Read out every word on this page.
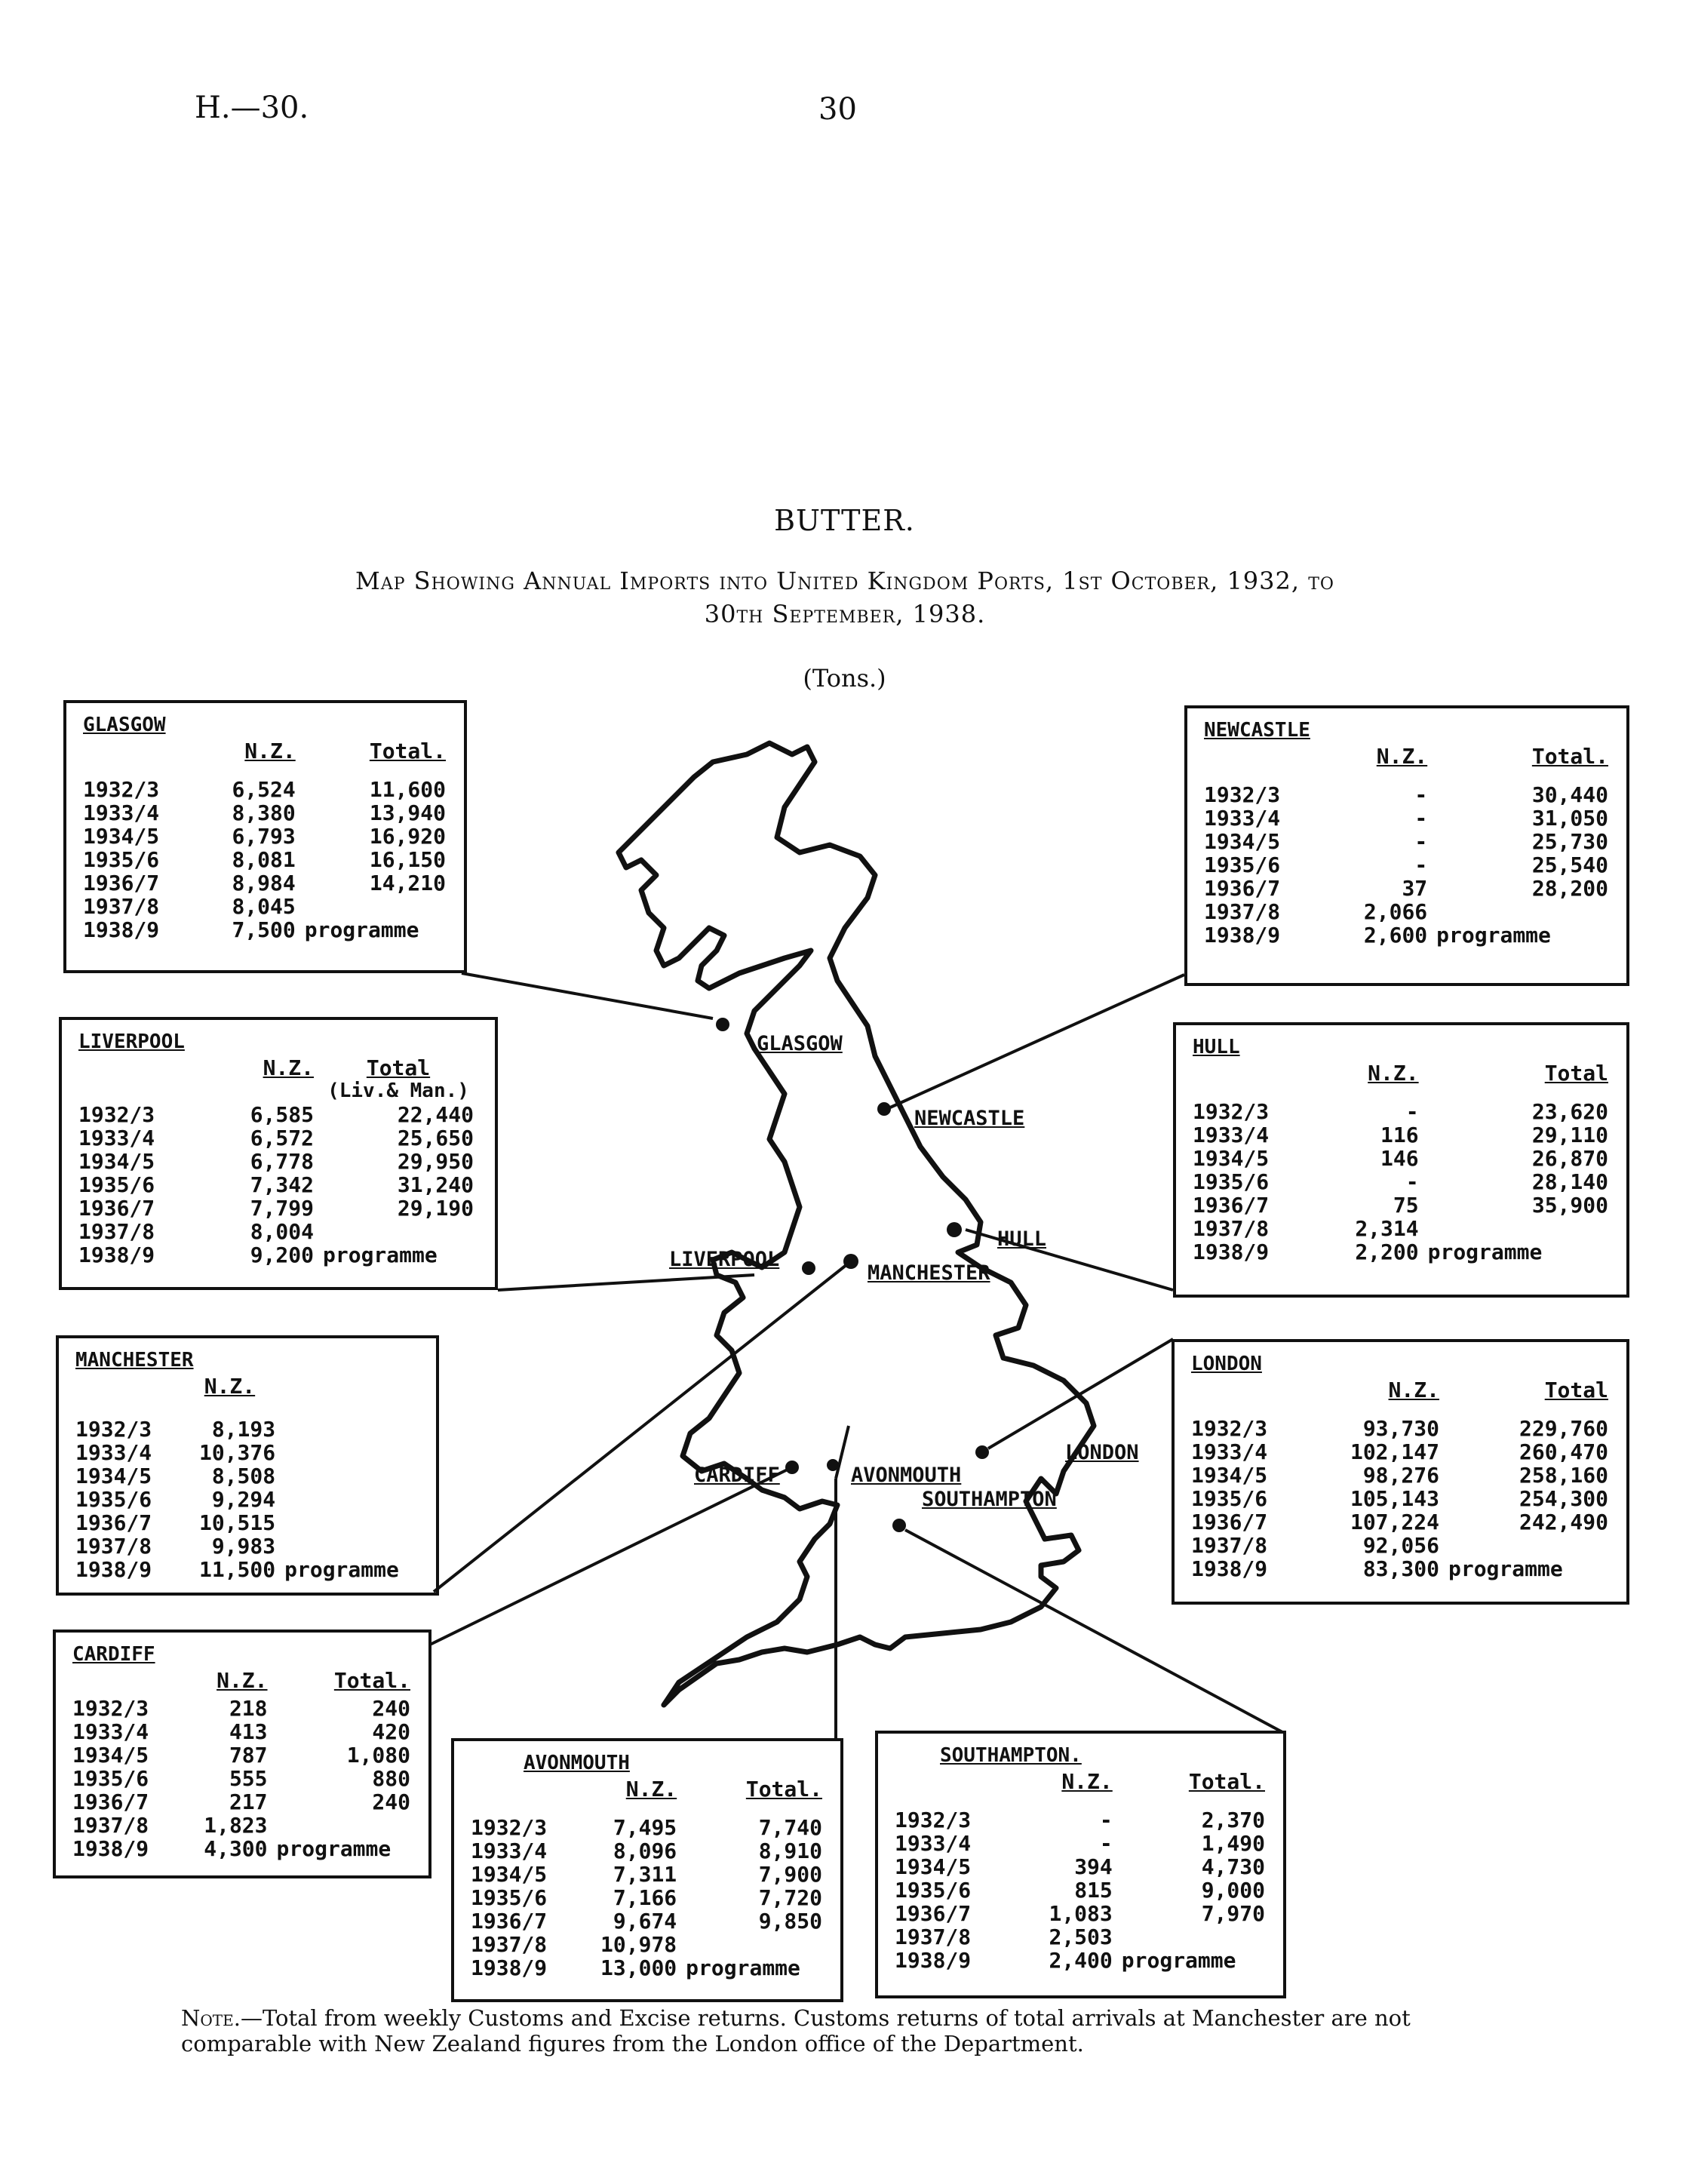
H.—30.	30
BUTTER.
Map Showing Annual Imports into United Kingdom Ports, 1st October, 1932, to
30th September, 1938.
(Tons.)
GLASGOW
NEWCASTLE
HULL
LIVERPOOL
MANCHESTER
CARDIFF	AVONMOUTH
SOUTHAMPTON
LONDON
GLASGOW
	N.Z.	Total.

1932/3	6,524	11,600
1933/4	8,380	13,940
1934/5	6,793	16,920
1935/6	8,081	16,150
1936/7	8,984	14,210
1937/8	8,045	
1938/9	7,500	programme
NEWCASTLE
	N.Z.	Total.

1932/3	-	30,440
1933/4	-	31,050
1934/5	-	25,730
1935/6	-	25,540
1936/7	37	28,200
1937/8	2,066	
1938/9	2,600	programme
LIVERPOOL
	N.Z.	Total
		(Liv.& Man.)
1932/3	6,585	22,440
1933/4	6,572	25,650
1934/5	6,778	29,950
1935/6	7,342	31,240
1936/7	7,799	29,190
1937/8	8,004	
1938/9	9,200	programme
HULL
	N.Z.	Total

1932/3	-	23,620
1933/4	116	29,110
1934/5	146	26,870
1935/6	-	28,140
1936/7	75	35,900
1937/8	2,314	
1938/9	2,200	programme
MANCHESTER
	N.Z.	

1932/3	8,193	
1933/4	10,376	
1934/5	8,508	
1935/6	9,294	
1936/7	10,515	
1937/8	9,983	
1938/9	11,500	programme
LONDON
	N.Z.	Total

1932/3	93,730	229,760
1933/4	102,147	260,470
1934/5	98,276	258,160
1935/6	105,143	254,300
1936/7	107,224	242,490
1937/8	92,056	
1938/9	83,300	programme
CARDIFF
	N.Z.	Total.
1932/3	218	240
1933/4	413	420
1934/5	787	1,080
1935/6	555	880
1936/7	217	240
1937/8	1,823	
1938/9	4,300	programme
AVONMOUTH
	N.Z.	Total.

1932/3	7,495	7,740
1933/4	8,096	8,910
1934/5	7,311	7,900
1935/6	7,166	7,720
1936/7	9,674	9,850
1937/8	10,978	
1938/9	13,000	programme
SOUTHAMPTON.
	N.Z.	Total.

1932/3	-	2,370
1933/4	-	1,490
1934/5	394	4,730
1935/6	815	9,000
1936/7	1,083	7,970
1937/8	2,503	
1938/9	2,400	programme
Note.—Total from weekly Customs and Excise returns. Customs returns of total arrivals at Manchester are not comparable with New Zealand figures from the London office of the Department.
